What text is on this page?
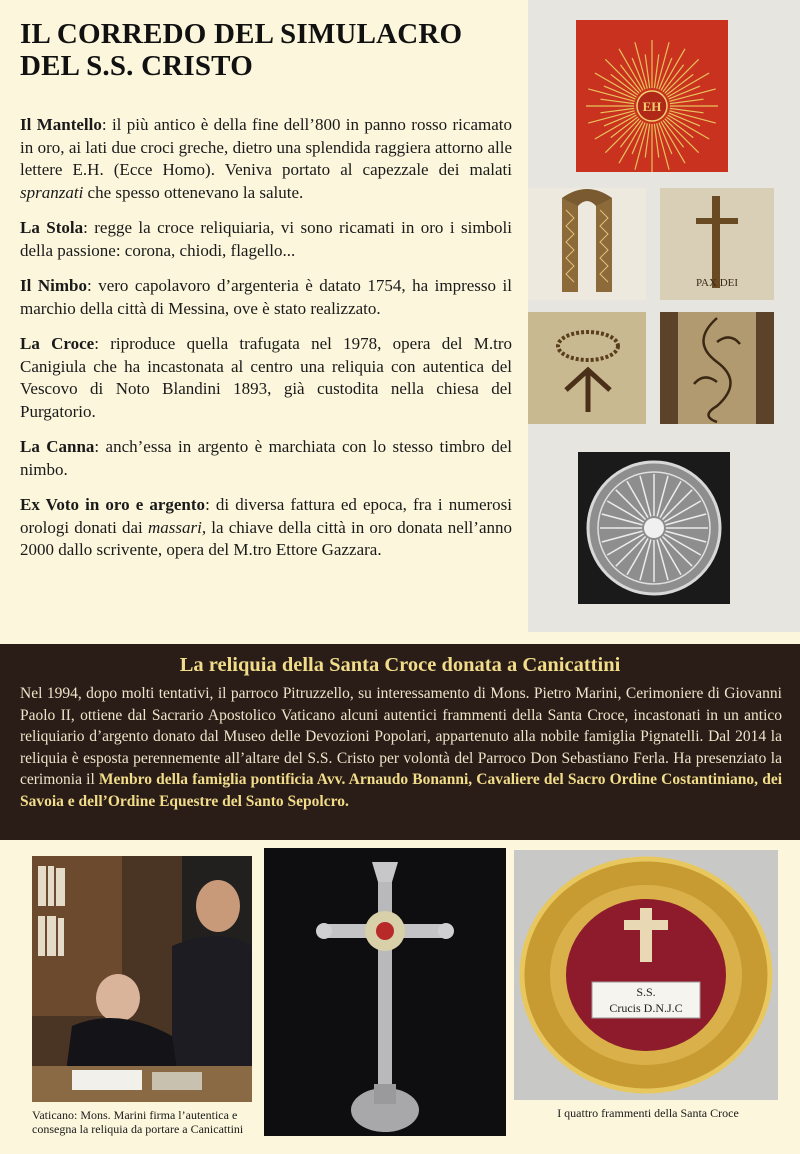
IL CORREDO DEL SIMULACRO
DEL S.S. CRISTO

Il Mantello: il più antico è della fine dell’800 in panno rosso ricamato in oro, ai lati due croci greche, dietro una splendida raggiera attorno alle lettere E.H. (Ecce Homo). Veniva portato al capezzale dei malati spranzati che spesso ottenevano la salute.

La Stola: regge la croce reliquiaria, vi sono ricamati in oro i simboli della passione: corona, chiodi, flagello...

Il Nimbo: vero capolavoro d’argenteria è datato 1754, ha impresso il marchio della città di Messina, ove è stato realizzato.

La Croce: riproduce quella trafugata nel 1978, opera del M.tro Canigiula che ha incastonata al centro una reliquia con autentica del Vescovo di Noto Blandini 1893, già custodita nella chiesa del Purgatorio.

La Canna: anch’essa in argento è marchiata con lo stesso timbro del nimbo.

Ex Voto in oro e argento: di diversa fattura ed epoca, fra i numerosi orologi donati dai massari, la chiave della città in oro donata nell’anno 2000 dallo scrivente, opera del M.tro Ettore Gazzara.

EH
PAX DEI
La reliquia della Santa Croce donata a Canicattini
Nel 1994, dopo molti tentativi, il parroco Pitruzzello, su interessamento di Mons. Pietro Marini, Cerimoniere di Giovanni Paolo II, ottiene dal Sacrario Apostolico Vaticano alcuni autentici frammenti della Santa Croce, incastonati in un antico reliquiario d’argento donato dal Museo delle Devozioni Popolari, appartenuto alla nobile famiglia Pignatelli. Dal 2014 la reliquia è esposta perennemente all’altare del S.S. Cristo per volontà del Parroco Don Sebastiano Ferla. Ha presenziato la cerimonia il Menbro della famiglia pontificia Avv. Arnaudo Bonanni, Cavaliere del Sacro Ordine Costantiniano, dei Savoia e dell’Ordine Equestre del Santo Sepolcro.
Vaticano: Mons. Marini firma l’autentica e
consegna la reliquia da portare a Canicattini
S.S.
Crucis D.N.J.C
I quattro frammenti della Santa Croce
